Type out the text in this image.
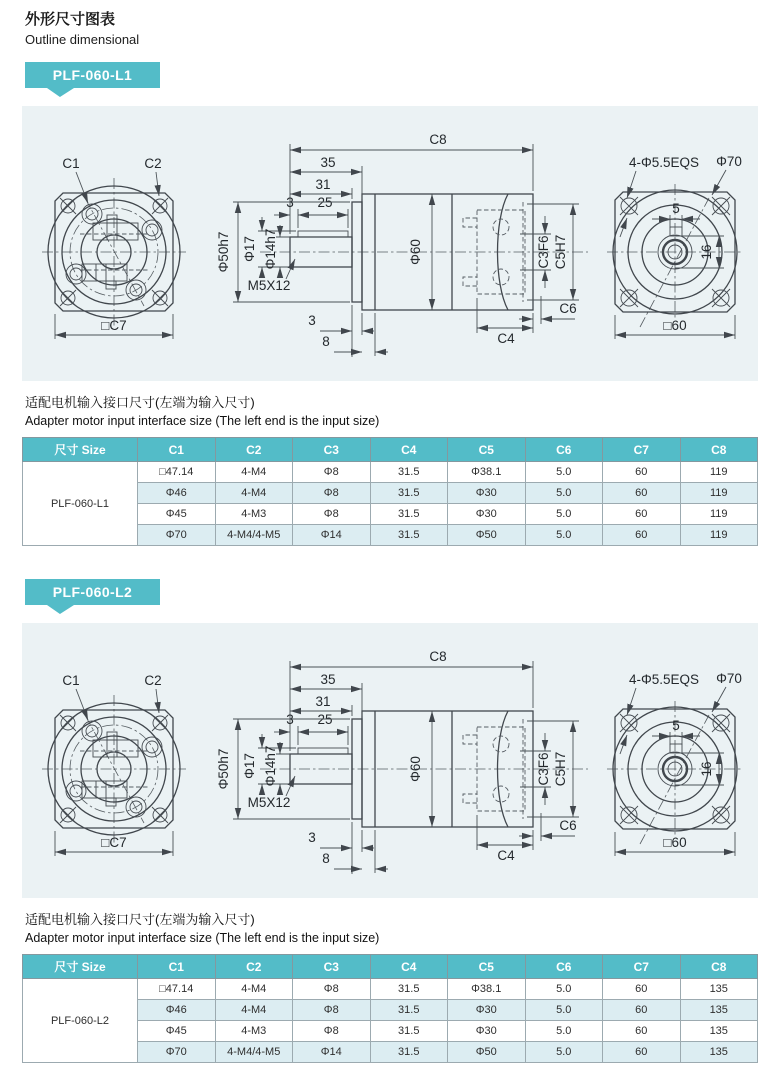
外形尺寸图表
Outline dimensional
PLF-060-L1
C1	C2
□C7
C8
35
31
3 25
Φ50h7 Φ17 Φ14h7
M5X12
Φ60	C3F6 C5H7
C6
C4
3
8
4-Φ5.5EQS Φ70
5
16
□60
适配电机输入接口尺寸(左端为输入尺寸)
Adapter motor input interface size (The left end is the input size)
尺寸 Size	C1	C2	C3	C4	C5	C6	C7	C8
PLF-060-L1	□47.14	4-M4	Φ8	31.5	Φ38.1	5.0	60	119
	Φ46	4-M4	Φ8	31.5	Φ30	5.0	60	119
	Φ45	4-M3	Φ8	31.5	Φ30	5.0	60	119
	Φ70	4-M4/4-M5	Φ14	31.5	Φ50	5.0	60	119
PLF-060-L2
C1	C2
□C7
C8
35
31
3 25
Φ50h7 Φ17 Φ14h7
M5X12
Φ60	C3F6 C5H7
C6
C4
3
8
4-Φ5.5EQS Φ70
5
16
□60
适配电机输入接口尺寸(左端为输入尺寸)
Adapter motor input interface size (The left end is the input size)
尺寸 Size	C1	C2	C3	C4	C5	C6	C7	C8
PLF-060-L2	□47.14	4-M4	Φ8	31.5	Φ38.1	5.0	60	135
	Φ46	4-M4	Φ8	31.5	Φ30	5.0	60	135
	Φ45	4-M3	Φ8	31.5	Φ30	5.0	60	135
	Φ70	4-M4/4-M5	Φ14	31.5	Φ50	5.0	60	135
